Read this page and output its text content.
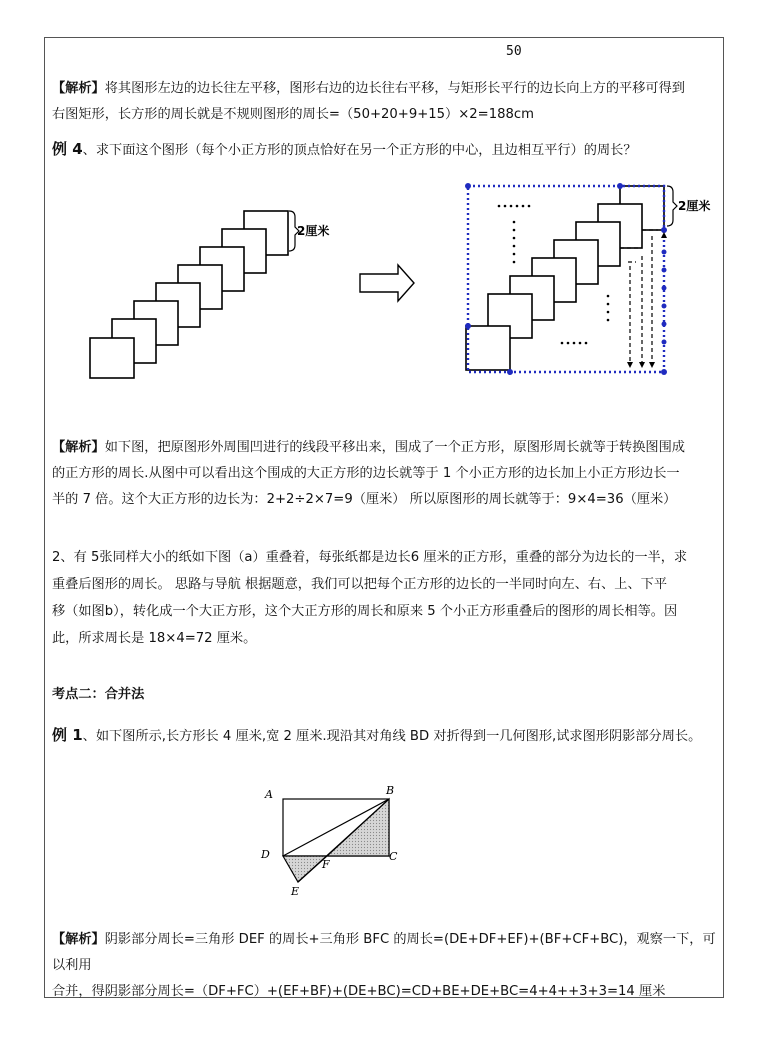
50

【解析】将其图形左边的边长往左平移，图形右边的边长往右平移，与矩形长平行的边长向上方的平移可得到
右图矩形，长方形的周长就是不规则图形的周长=（50+20+9+15）×2=188cm

例 4、求下面这个图形（每个小正方形的顶点恰好在另一个正方形的中心，且边相互平行）的周长？

2厘米
2厘米

【解析】如下图，把原图形外周围凹进行的线段平移出来，围成了一个正方形，原图形周长就等于转换图围成
的正方形的周长.从图中可以看出这个围成的大正方形的边长就等于 1 个小正方形的边长加上小正方形边长一
半的 7 倍。这个大正方形的边长为：2+2÷2×7=9（厘米） 所以原图形的周长就等于：9×4=36（厘米）

2、有 5张同样大小的纸如下图（a）重叠着，每张纸都是边长6 厘米的正方形，重叠的部分为边长的一半，求
重叠后图形的周长。 思路与导航 根据题意，我们可以把每个正方形的边长的一半同时向左、右、上、下平
移（如图b），转化成一个大正方形，这个大正方形的周长和原来 5 个小正方形重叠后的图形的周长相等。因
此，所求周长是 18×4=72 厘米。

考点二：合并法

例 1、如下图所示,长方形长 4 厘米,宽 2 厘米.现沿其对角线 BD 对折得到一几何图形,试求图形阴影部分周长。

A	B
C
D
E
F

【解析】阴影部分周长=三角形 DEF 的周长+三角形 BFC 的周长=(DE+DF+EF)+(BF+CF+BC)，观察一下，可以利用
合并，得阴影部分周长=（DF+FC）+(EF+BF)+(DE+BC)=CD+BE+DE+BC=4+4++3+3=14 厘米
